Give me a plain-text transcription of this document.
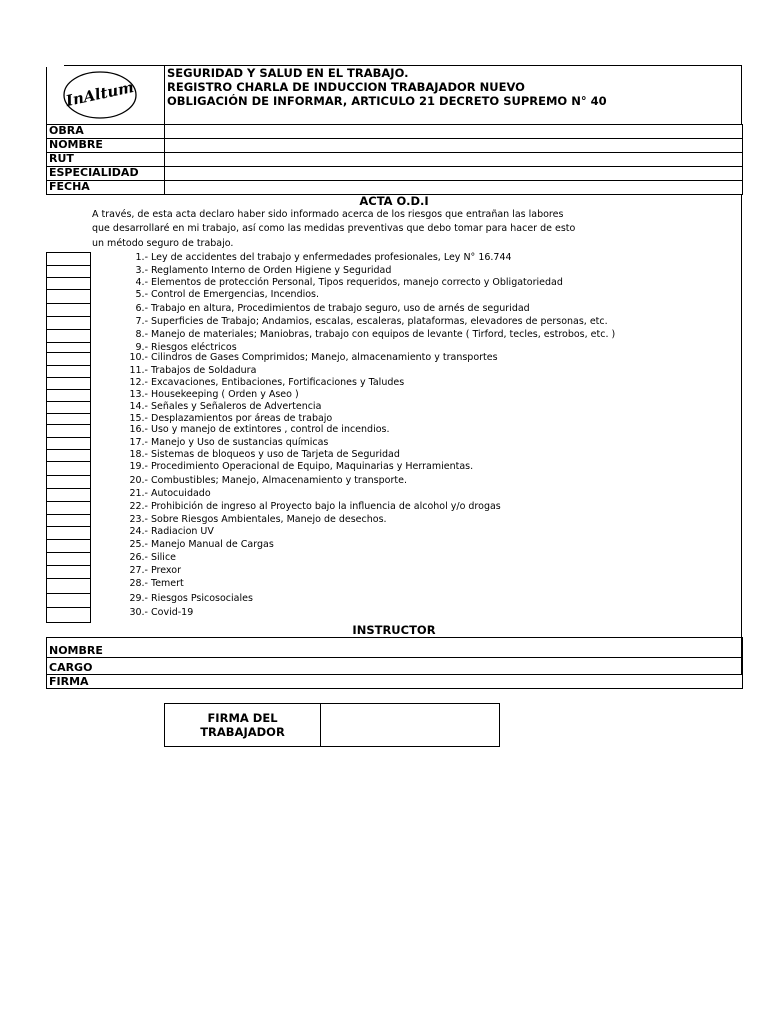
InAltum
SEGURIDAD Y SALUD EN EL TRABAJO.
REGISTRO CHARLA DE INDUCCION TRABAJADOR NUEVO
OBLIGACIÓN DE INFORMAR, ARTICULO 21 DECRETO SUPREMO N° 40
OBRA
NOMBRE
RUT
ESPECIALIDAD
FECHA
ACTA O.D.I
A través, de esta acta declaro haber sido informado acerca de los riesgos que entrañan las labores
que desarrollaré en mi trabajo, así como las medidas preventivas que debo tomar para hacer de esto
un método seguro de trabajo.
1.- Ley de accidentes del trabajo y enfermedades profesionales, Ley N° 16.744
3.- Reglamento Interno de Orden Higiene y Seguridad
4.- Elementos de protección Personal, Tipos requeridos, manejo correcto y Obligatoriedad
5.- Control de Emergencias, Incendios.
6.- Trabajo en altura, Procedimientos de trabajo seguro, uso de arnés de seguridad
7.- Superficies de Trabajo; Andamios, escalas, escaleras, plataformas, elevadores de personas, etc.
8.- Manejo de materiales; Maniobras, trabajo con equipos de levante ( Tirford, tecles, estrobos, etc. )
9.- Riesgos eléctricos
10.- Cilindros de Gases Comprimidos; Manejo, almacenamiento y transportes
11.- Trabajos de Soldadura
12.- Excavaciones, Entibaciones, Fortificaciones y Taludes
13.- Housekeeping ( Orden y Aseo )
14.- Señales y Señaleros de Advertencia
15.- Desplazamientos por áreas de trabajo
16.- Uso y manejo de extintores , control de incendios.
17.- Manejo y Uso de sustancias químicas
18.- Sistemas de bloqueos y uso de Tarjeta de Seguridad
19.- Procedimiento Operacional de Equipo, Maquinarias y Herramientas.
20.- Combustibles; Manejo, Almacenamiento y transporte.
21.- Autocuidado
22.- Prohibición de ingreso al Proyecto bajo la influencia de alcohol y/o drogas
23.- Sobre Riesgos Ambientales, Manejo de desechos.
24.- Radiacion UV
25.- Manejo Manual de Cargas
26.- Silice
27.- Prexor
28.- Temert
29.- Riesgos Psicosociales
30.- Covid-19
INSTRUCTOR
NOMBRE
CARGO
FIRMA
FIRMA DEL
TRABAJADOR
